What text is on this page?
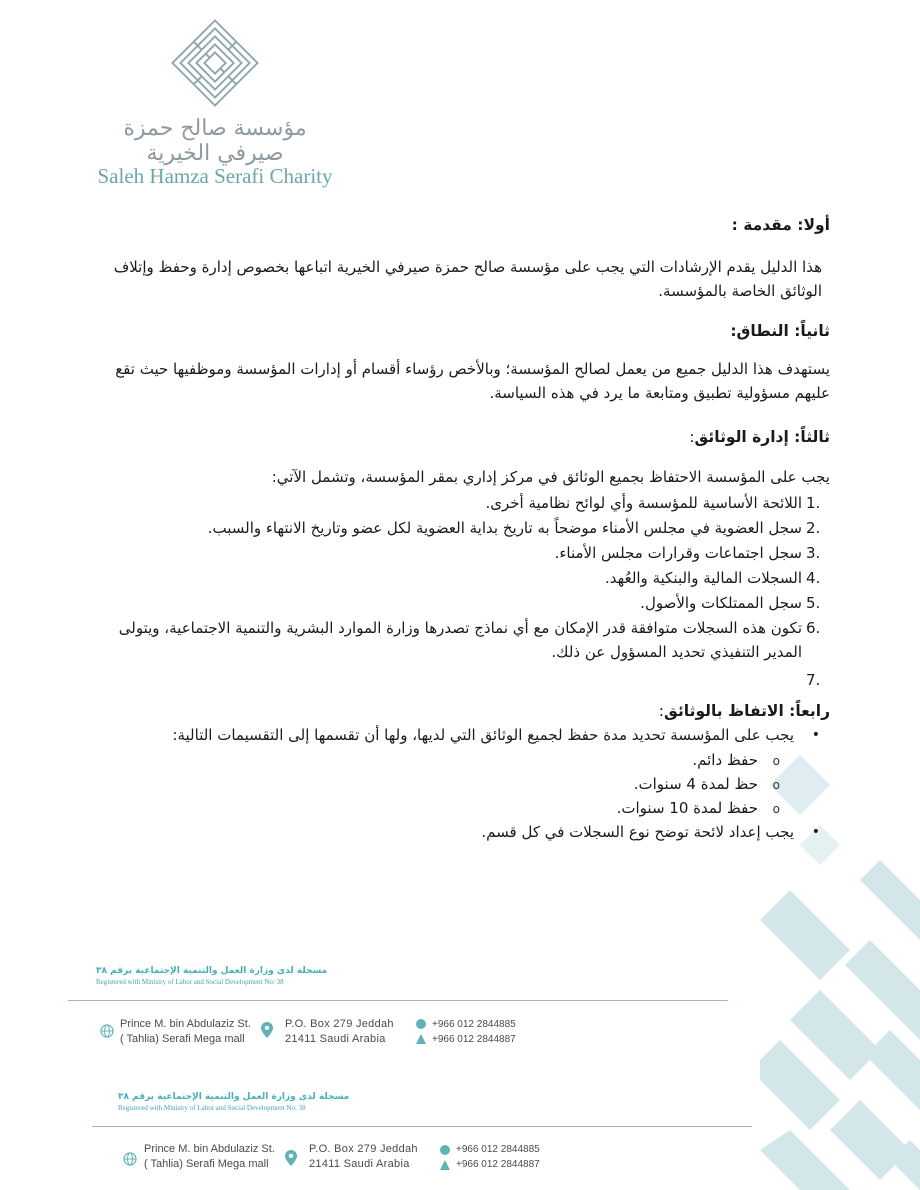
مؤسسة صالح حمزة صيرفي الخيرية
Saleh Hamza Serafi Charity

أولا: مقدمة :

هذا الدليل يقدم الإرشادات التي يجب على مؤسسة صالح حمزة صيرفي الخيرية اتباعها بخصوص إدارة وحفظ وإتلاف الوثائق الخاصة بالمؤسسة.

ثانياً: النطاق:

يستهدف هذا الدليل جميع من يعمل لصالح المؤسسة؛ وبالأخص رؤساء أقسام أو إدارات المؤسسة وموظفيها حيث تقع عليهم مسؤولية تطبيق ومتابعة ما يرد في هذه السياسة.

ثالثاً: إدارة الوثائق:

يجب على المؤسسة الاحتفاظ بجميع الوثائق في مركز إداري بمقر المؤسسة، وتشمل الآتي:

1.
اللائحة الأساسية للمؤسسة وأي لوائح نظامية أخرى.
2.
سجل العضوية في مجلس الأمناء موضحاً به تاريخ بداية العضوية لكل عضو وتاريخ الانتهاء والسبب.
3.
سجل اجتماعات وقرارات مجلس الأمناء.
4.
السجلات المالية والبنكية والعُهد.
5.
سجل الممتلكات والأصول.
6.
تكون هذه السجلات متوافقة قدر الإمكان مع أي نماذج تصدرها وزارة الموارد البشرية والتنمية الاجتماعية، ويتولى المدير التنفيذي تحديد المسؤول عن ذلك.
7.

رابعاً: الاتفاظ بالوثائق:

•
يجب على المؤسسة تحديد مدة حفظ لجميع الوثائق التي لديها، ولها أن تقسمها إلى التقسيمات التالية:
o
حفظ دائم.
o
حظ لمدة 4 سنوات.
o
حفظ لمدة 10 سنوات.
•
يجب إعداد لائحة توضح نوع السجلات في كل قسم.
مسجلة لدى وزارة العمل والتنمية الإجتماعية برقم ٣٨
Registered with Ministry of Labor and Social Development No: 38
Prince M. bin Abdulaziz St.
( Tahlia) Serafi Mega mall
P.O. Box 279 Jeddah
21411 Saudi Arabia
+966 012 2844885
+966 012 2844887
مسجلة لدى وزارة العمل والتنمية الإجتماعية برقم ٣٨
Registered with Ministry of Labor and Social Development No: 38
Prince M. bin Abdulaziz St.
( Tahlia) Serafi Mega mall
P.O. Box 279 Jeddah
21411 Saudi Arabia
+966 012 2844885
+966 012 2844887
